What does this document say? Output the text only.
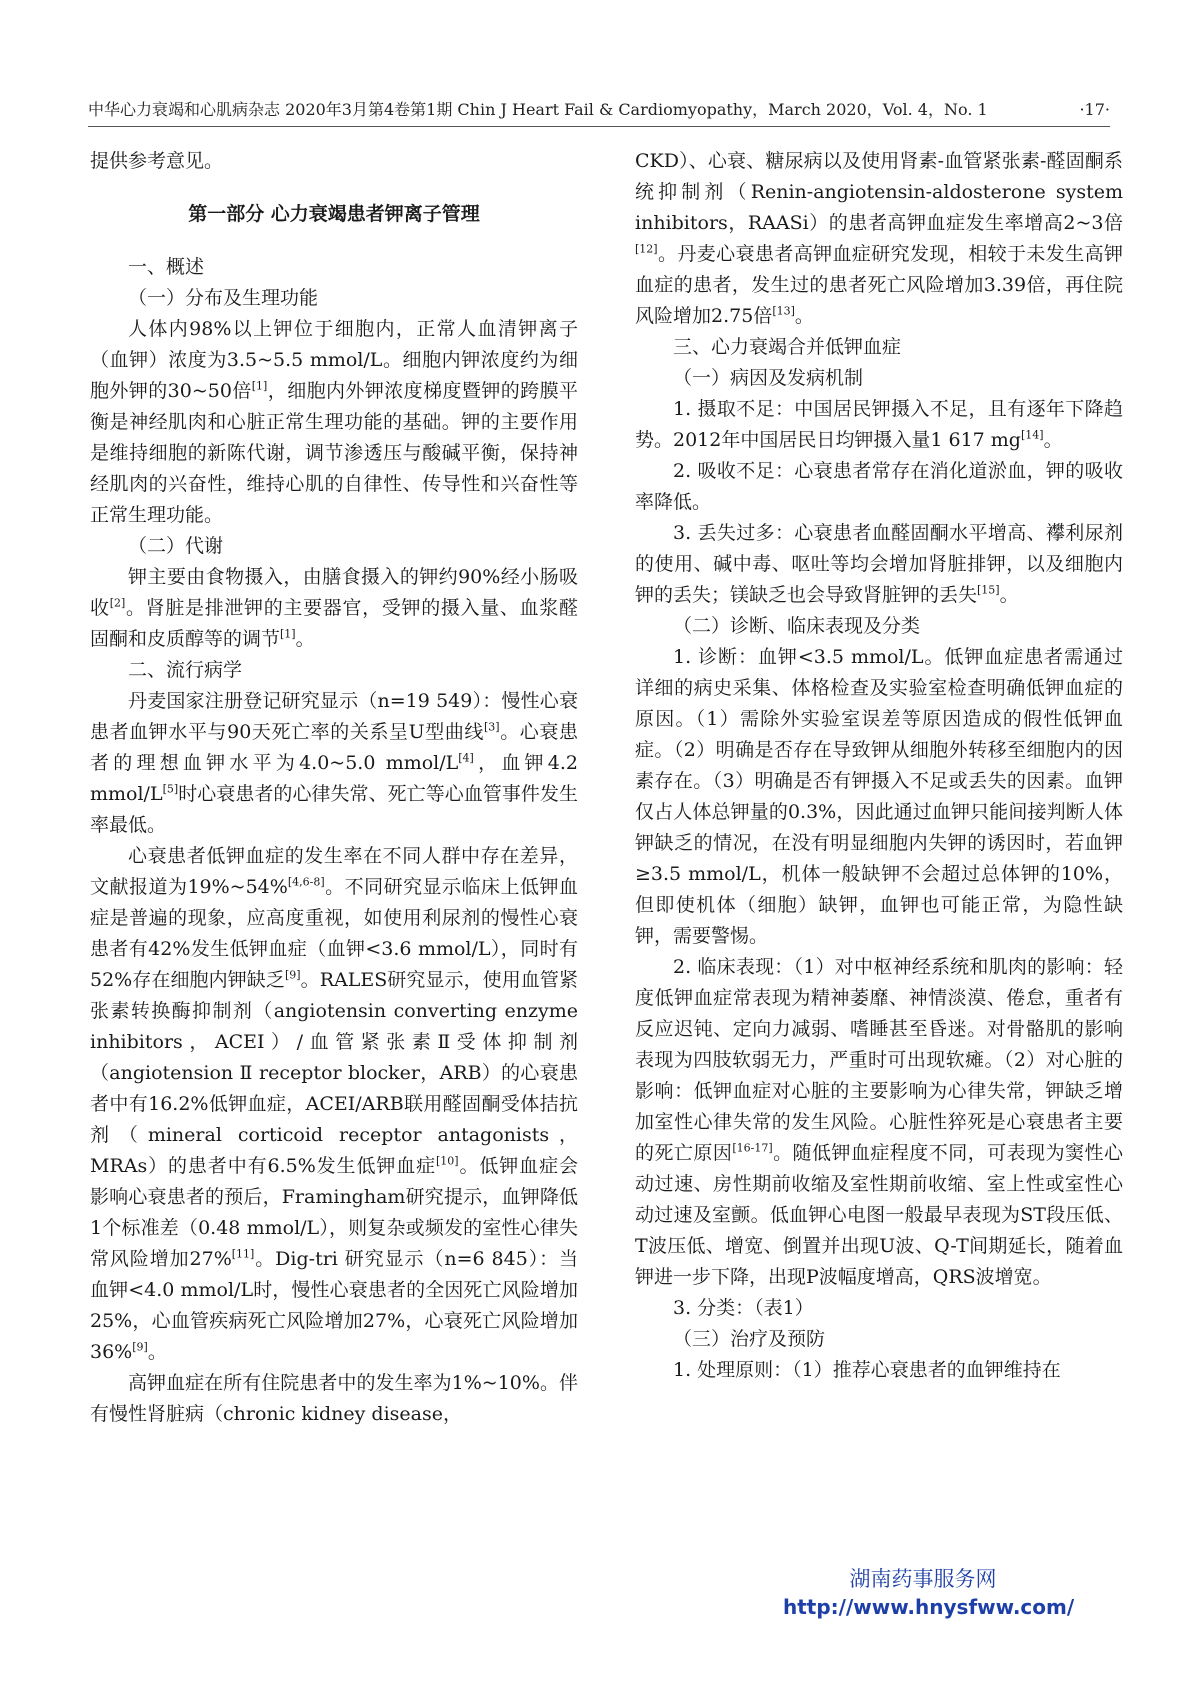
中华心力衰竭和心肌病杂志 2020年3月第4卷第1期 Chin J Heart Fail & Cardiomyopathy，March 2020，Vol. 4，No. 1	·17·

提供参考意见。

第一部分 心力衰竭患者钾离子管理

一、概述

（一）分布及生理功能

人体内98%以上钾位于细胞内，正常人血清钾离子（血钾）浓度为3.5~5.5 mmol/L。细胞内钾浓度约为细胞外钾的30~50倍[1]，细胞内外钾浓度梯度暨钾的跨膜平衡是神经肌肉和心脏正常生理功能的基础。钾的主要作用是维持细胞的新陈代谢，调节渗透压与酸碱平衡，保持神经肌肉的兴奋性，维持心肌的自律性、传导性和兴奋性等正常生理功能。

（二）代谢

钾主要由食物摄入，由膳食摄入的钾约90%经小肠吸收[2]。肾脏是排泄钾的主要器官，受钾的摄入量、血浆醛固酮和皮质醇等的调节[1]。

二、流行病学

丹麦国家注册登记研究显示（n=19 549）：慢性心衰患者血钾水平与90天死亡率的关系呈U型曲线[3]。心衰患者的理想血钾水平为4.0~5.0 mmol/L[4]，血钾4.2 mmol/L[5]时心衰患者的心律失常、死亡等心血管事件发生率最低。

心衰患者低钾血症的发生率在不同人群中存在差异，文献报道为19%~54%[4,6-8]。不同研究显示临床上低钾血症是普遍的现象，应高度重视，如使用利尿剂的慢性心衰患者有42%发生低钾血症（血钾<3.6 mmol/L），同时有52%存在细胞内钾缺乏[9]。RALES研究显示，使用血管紧张素转换酶抑制剂（angiotensin converting enzyme inhibitors，ACEI）/血管紧张素Ⅱ受体抑制剂（angiotension Ⅱ receptor blocker，ARB）的心衰患者中有16.2%低钾血症，ACEI/ARB联用醛固酮受体拮抗剂（mineral corticoid receptor antagonists，MRAs）的患者中有6.5%发生低钾血症[10]。低钾血症会影响心衰患者的预后，Framingham研究提示，血钾降低1个标准差（0.48 mmol/L），则复杂或频发的室性心律失常风险增加27%[11]。Dig-tri 研究显示（n=6 845）：当血钾<4.0 mmol/L时，慢性心衰患者的全因死亡风险增加25%，心血管疾病死亡风险增加27%，心衰死亡风险增加36%[9]。

高钾血症在所有住院患者中的发生率为1%~10%。伴有慢性肾脏病（chronic kidney disease，

CKD）、心衰、糖尿病以及使用肾素-血管紧张素-醛固酮系统抑制剂（Renin-angiotensin-aldosterone system inhibitors，RAASi）的患者高钾血症发生率增高2~3倍[12]。丹麦心衰患者高钾血症研究发现，相较于未发生高钾血症的患者，发生过的患者死亡风险增加3.39倍，再住院风险增加2.75倍[13]。

三、心力衰竭合并低钾血症

（一）病因及发病机制

1. 摄取不足：中国居民钾摄入不足，且有逐年下降趋势。2012年中国居民日均钾摄入量1 617 mg[14]。

2. 吸收不足：心衰患者常存在消化道淤血，钾的吸收率降低。

3. 丢失过多：心衰患者血醛固酮水平增高、襻利尿剂的使用、碱中毒、呕吐等均会增加肾脏排钾，以及细胞内钾的丢失；镁缺乏也会导致肾脏钾的丢失[15]。

（二）诊断、临床表现及分类

1. 诊断：血钾<3.5 mmol/L。低钾血症患者需通过详细的病史采集、体格检查及实验室检查明确低钾血症的原因。（1）需除外实验室误差等原因造成的假性低钾血症。（2）明确是否存在导致钾从细胞外转移至细胞内的因素存在。（3）明确是否有钾摄入不足或丢失的因素。血钾仅占人体总钾量的0.3%，因此通过血钾只能间接判断人体钾缺乏的情况，在没有明显细胞内失钾的诱因时，若血钾≥3.5 mmol/L，机体一般缺钾不会超过总体钾的10%，但即使机体（细胞）缺钾，血钾也可能正常，为隐性缺钾，需要警惕。

2. 临床表现：（1）对中枢神经系统和肌肉的影响：轻度低钾血症常表现为精神萎靡、神情淡漠、倦怠，重者有反应迟钝、定向力减弱、嗜睡甚至昏迷。对骨骼肌的影响表现为四肢软弱无力，严重时可出现软瘫。（2）对心脏的影响：低钾血症对心脏的主要影响为心律失常，钾缺乏增加室性心律失常的发生风险。心脏性猝死是心衰患者主要的死亡原因[16-17]。随低钾血症程度不同，可表现为窦性心动过速、房性期前收缩及室性期前收缩、室上性或室性心动过速及室颤。低血钾心电图一般最早表现为ST段压低、T波压低、增宽、倒置并出现U波、Q-T间期延长，随着血钾进一步下降，出现P波幅度增高，QRS波增宽。

3. 分类：（表1）

（三）治疗及预防

1. 处理原则：（1）推荐心衰患者的血钾维持在

湖南药事服务网
http://www.hnysfww.com/
